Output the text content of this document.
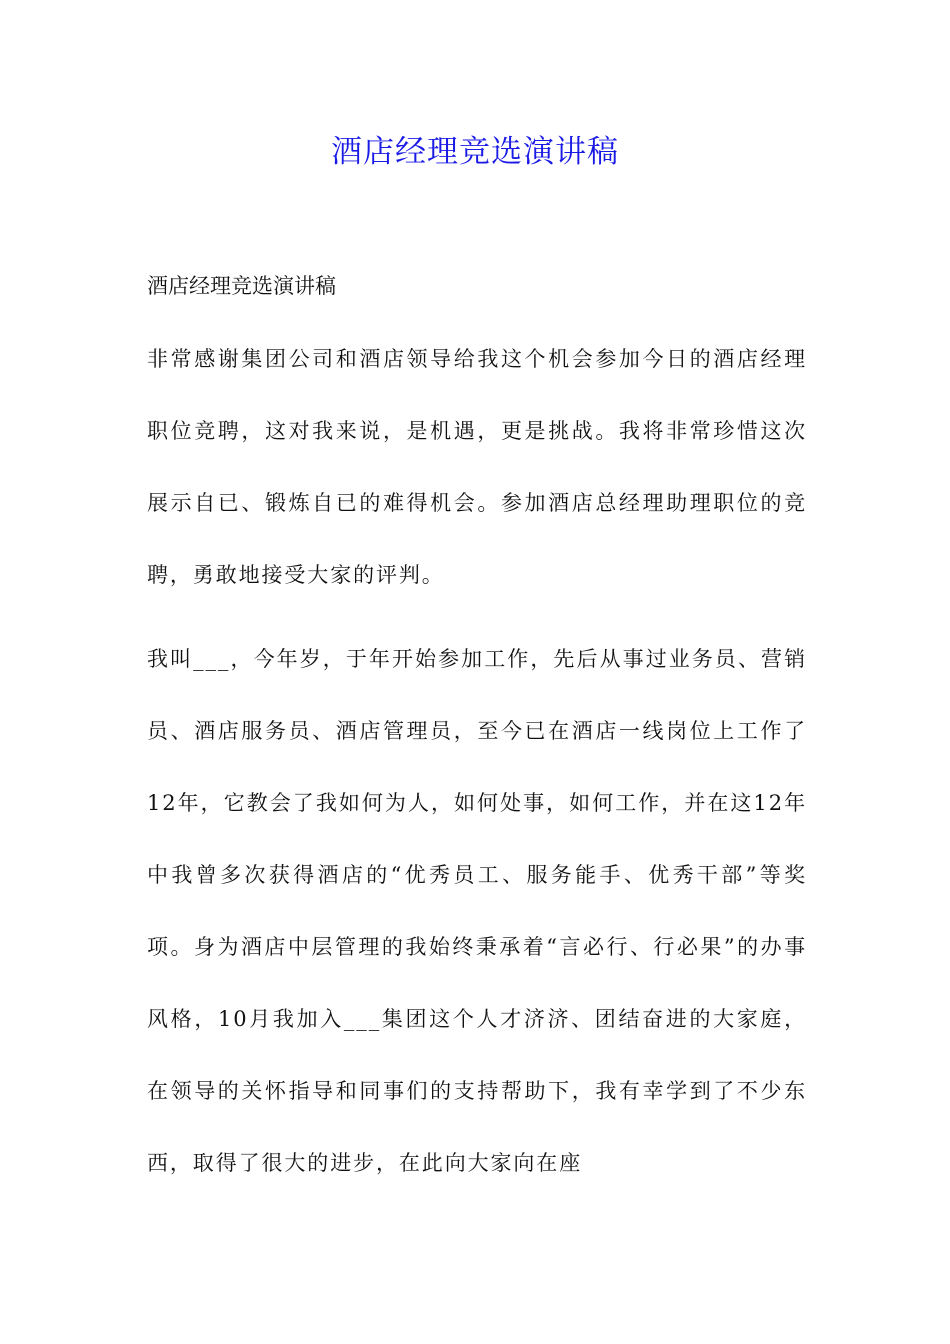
酒店经理竞选演讲稿

酒店经理竞选演讲稿

非常感谢集团公司和酒店领导给我这个机会参加今日的酒店经理职位竞聘，这对我来说，是机遇，更是挑战。我将非常珍惜这次展示自已、锻炼自已的难得机会。参加酒店总经理助理职位的竞聘，勇敢地接受大家的评判。

我叫___，今年岁，于年开始参加工作，先后从事过业务员、营销员、酒店服务员、酒店管理员，至今已在酒店一线岗位上工作了12年，它教会了我如何为人，如何处事，如何工作，并在这12年中我曾多次获得酒店的“优秀员工、服务能手、优秀干部”等奖项。身为酒店中层管理的我始终秉承着“言必行、行必果”的办事风格，10月我加入___集团这个人才济济、团结奋进的大家庭，在领导的关怀指导和同事们的支持帮助下，我有幸学到了不少东西，取得了很大的进步，在此向大家向在座
